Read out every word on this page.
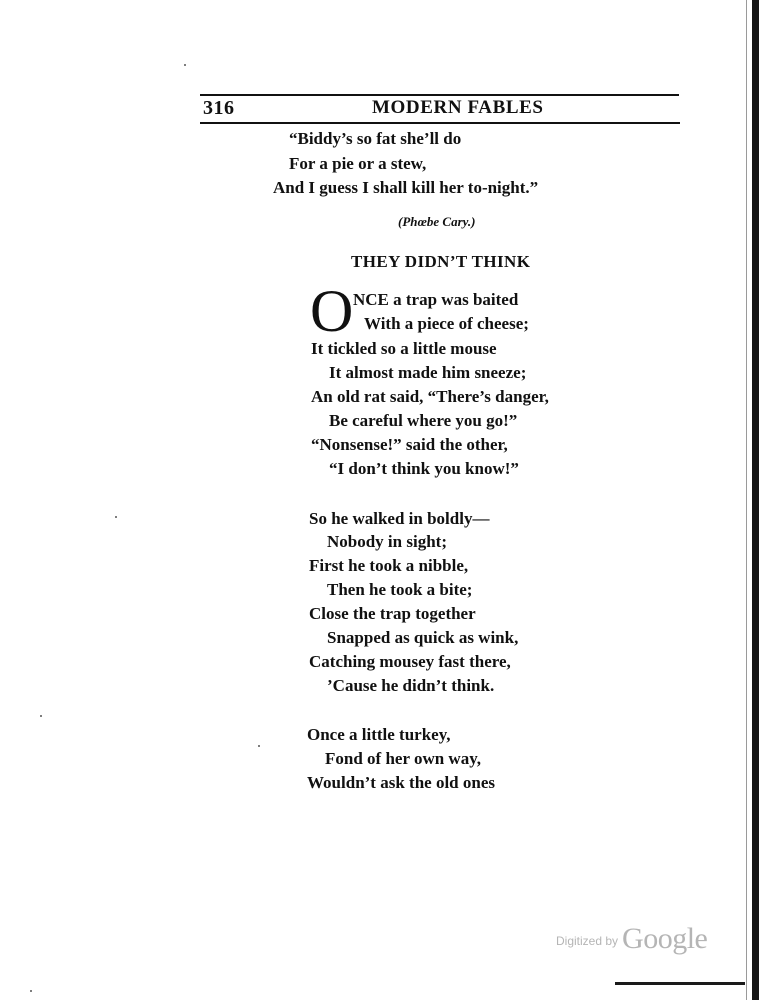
316	MODERN FABLES
“Biddy’s so fat she’ll do
For a pie or a stew,
And I guess I shall kill her to-night.”
(Phœbe Cary.)
THEY DIDN’T THINK
O NCE a trap was baited
With a piece of cheese;
It tickled so a little mouse
It almost made him sneeze;
An old rat said, “There’s danger,
Be careful where you go!”
“Nonsense!” said the other,
“I don’t think you know!”
So he walked in boldly—
Nobody in sight;
First he took a nibble,
Then he took a bite;
Close the trap together
Snapped as quick as wink,
Catching mousey fast there,
’Cause he didn’t think.
Once a little turkey,
Fond of her own way,
Wouldn’t ask the old ones
Digitized by Google
